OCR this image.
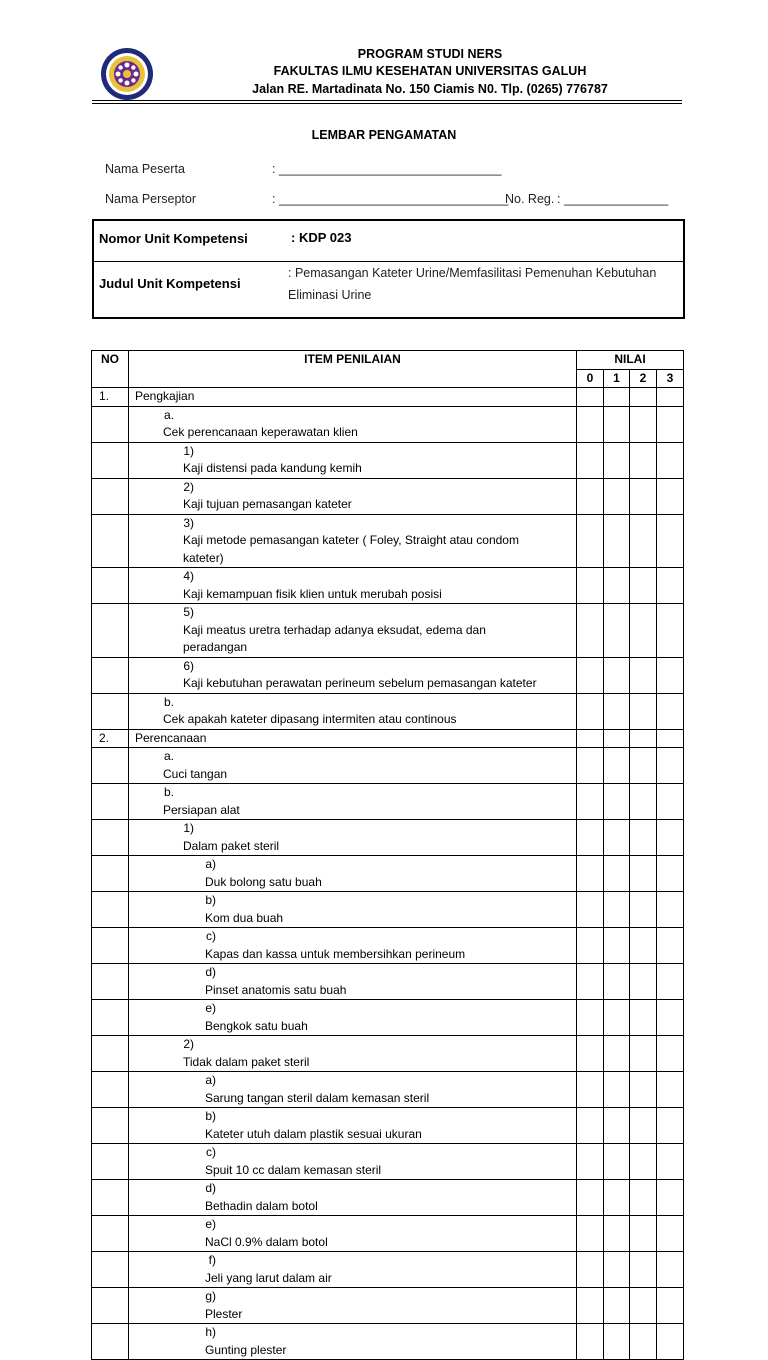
PROGRAM STUDI NERS
FAKULTAS ILMU KESEHATAN UNIVERSITAS GALUH
Jalan RE. Martadinata No. 150 Ciamis N0. Tlp. (0265) 776787
LEMBAR PENGAMATAN
Nama Peserta	: ________________________________
Nama Perseptor	: _________________________________
No. Reg. : _______________
Nomor Unit Kompetensi	: KDP 023
Judul Unit Kompetensi
: Pemasangan Kateter Urine/Memfasilitasi Pemenuhan Kebutuhan
Eliminasi Urine
NO	ITEM PENILAIAN	NILAI			
		0	1	2	3
1.	Pengkajian				
	a.Cek perencanaan keperawatan klien				
	1)Kaji distensi pada kandung kemih				
	2)Kaji tujuan pemasangan kateter				
	3)Kaji metode pemasangan kateter ( Foley, Straight atau condom kateter)				
	4)Kaji kemampuan fisik klien untuk merubah posisi				
	5)Kaji meatus uretra terhadap adanya eksudat, edema dan peradangan				
	6)Kaji kebutuhan perawatan perineum sebelum pemasangan kateter				
	b.Cek apakah kateter dipasang intermiten atau continous				
2.	Perencanaan				
	a.Cuci tangan				
	b.Persiapan alat				
	1)Dalam paket steril				
	a)Duk bolong satu buah				
	b)Kom dua buah				
	c)Kapas dan kassa untuk membersihkan perineum				
	d)Pinset anatomis satu buah				
	e)Bengkok satu buah				
	2)Tidak dalam paket steril				
	a)Sarung tangan steril dalam kemasan steril				
	b)Kateter utuh dalam plastik sesuai ukuran				
	c)Spuit 10 cc dalam kemasan steril				
	d)Bethadin dalam botol				
	e)NaCl 0.9% dalam botol				
	f)Jeli yang larut dalam air				
	g)Plester				
	h)Gunting plester				
